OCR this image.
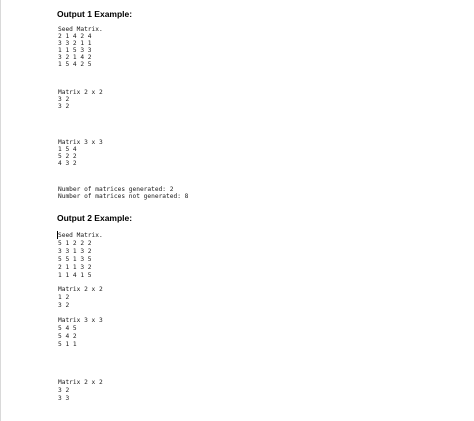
Output 1 Example:
Seed Matrix.
2 1 4 2 4
3 3 2 1 1
1 1 5 3 3
3 2 1 4 2
1 5 4 2 5
Matrix 2 x 2
3 2
3 2
Matrix 3 x 3
1 5 4
5 2 2
4 3 2
Number of matrices generated: 2
Number of matrices not generated: 8
Output 2 Example:
Seed Matrix.
5 1 2 2 2
3 3 1 3 2
5 5 1 3 5
2 1 1 3 2
1 1 4 1 5
Matrix 2 x 2
1 2
3 2
Matrix 3 x 3
5 4 5
5 4 2
5 1 1
Matrix 2 x 2
3 2
3 3
